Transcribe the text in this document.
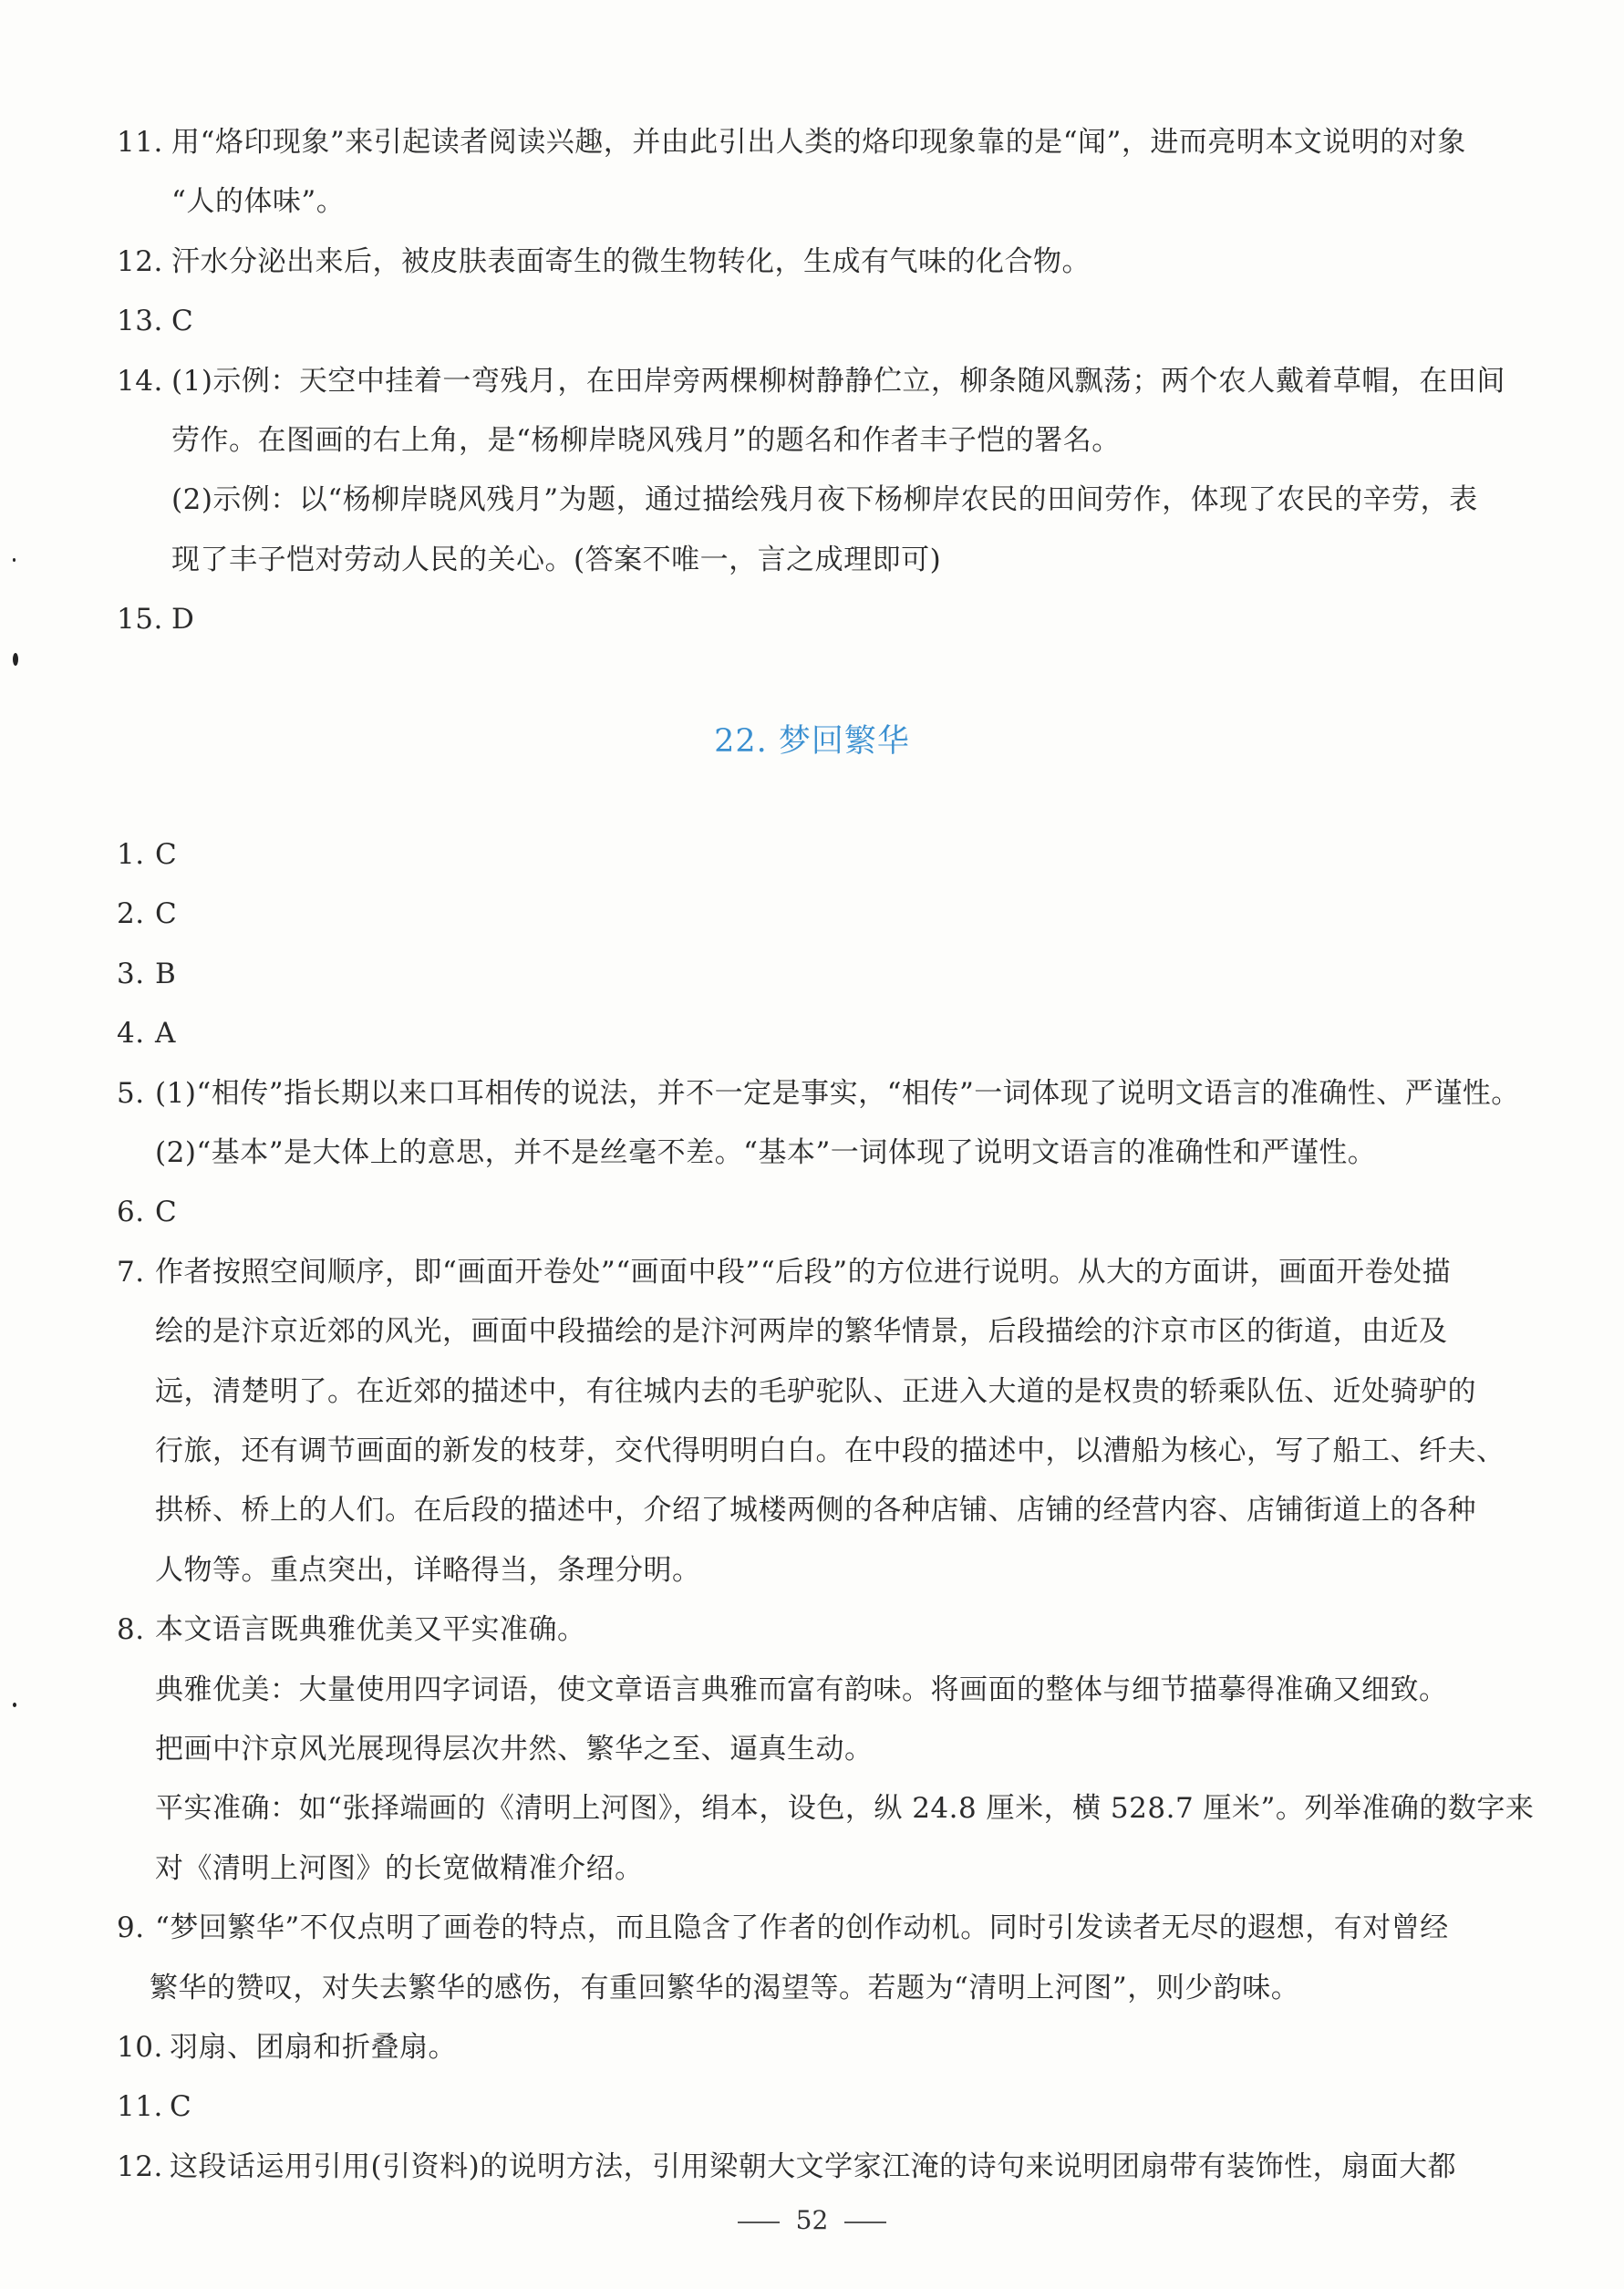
11. 用“烙印现象”来引起读者阅读兴趣，并由此引出人类的烙印现象靠的是“闻”，进而亮明本文说明的对象
“人的体味”。
12. 汗水分泌出来后，被皮肤表面寄生的微生物转化，生成有气味的化合物。
13. C
14. (1)示例：天空中挂着一弯残月，在田岸旁两棵柳树静静伫立，柳条随风飘荡；两个农人戴着草帽，在田间
劳作。在图画的右上角，是“杨柳岸晓风残月”的题名和作者丰子恺的署名。
(2)示例：以“杨柳岸晓风残月”为题，通过描绘残月夜下杨柳岸农民的田间劳作，体现了农民的辛劳，表
现了丰子恺对劳动人民的关心。(答案不唯一，言之成理即可)
15. D
1. C
2. C
3. B
4. A
5. (1)“相传”指长期以来口耳相传的说法，并不一定是事实，“相传”一词体现了说明文语言的准确性、严谨性。
(2)“基本”是大体上的意思，并不是丝毫不差。“基本”一词体现了说明文语言的准确性和严谨性。
6. C
7. 作者按照空间顺序，即“画面开卷处”“画面中段”“后段”的方位进行说明。从大的方面讲，画面开卷处描
绘的是汴京近郊的风光，画面中段描绘的是汴河两岸的繁华情景，后段描绘的汴京市区的街道，由近及
远，清楚明了。在近郊的描述中，有往城内去的毛驴驼队、正进入大道的是权贵的轿乘队伍、近处骑驴的
行旅，还有调节画面的新发的枝芽，交代得明明白白。在中段的描述中，以漕船为核心，写了船工、纤夫、
拱桥、桥上的人们。在后段的描述中，介绍了城楼两侧的各种店铺、店铺的经营内容、店铺街道上的各种
人物等。重点突出，详略得当，条理分明。
8. 本文语言既典雅优美又平实准确。
典雅优美：大量使用四字词语，使文章语言典雅而富有韵味。将画面的整体与细节描摹得准确又细致。
把画中汴京风光展现得层次井然、繁华之至、逼真生动。
平实准确：如“张择端画的《清明上河图》，绢本，设色，纵 24.8 厘米，横 528.7 厘米”。列举准确的数字来
对《清明上河图》的长宽做精准介绍。
9. “梦回繁华”不仅点明了画卷的特点，而且隐含了作者的创作动机。同时引发读者无尽的遐想，有对曾经
繁华的赞叹，对失去繁华的感伤，有重回繁华的渴望等。若题为“清明上河图”，则少韵味。
10. 羽扇、团扇和折叠扇。
11. C
12. 这段话运用引用(引资料)的说明方法，引用梁朝大文学家江淹的诗句来说明团扇带有装饰性，扇面大都
22. 梦回繁华
52
